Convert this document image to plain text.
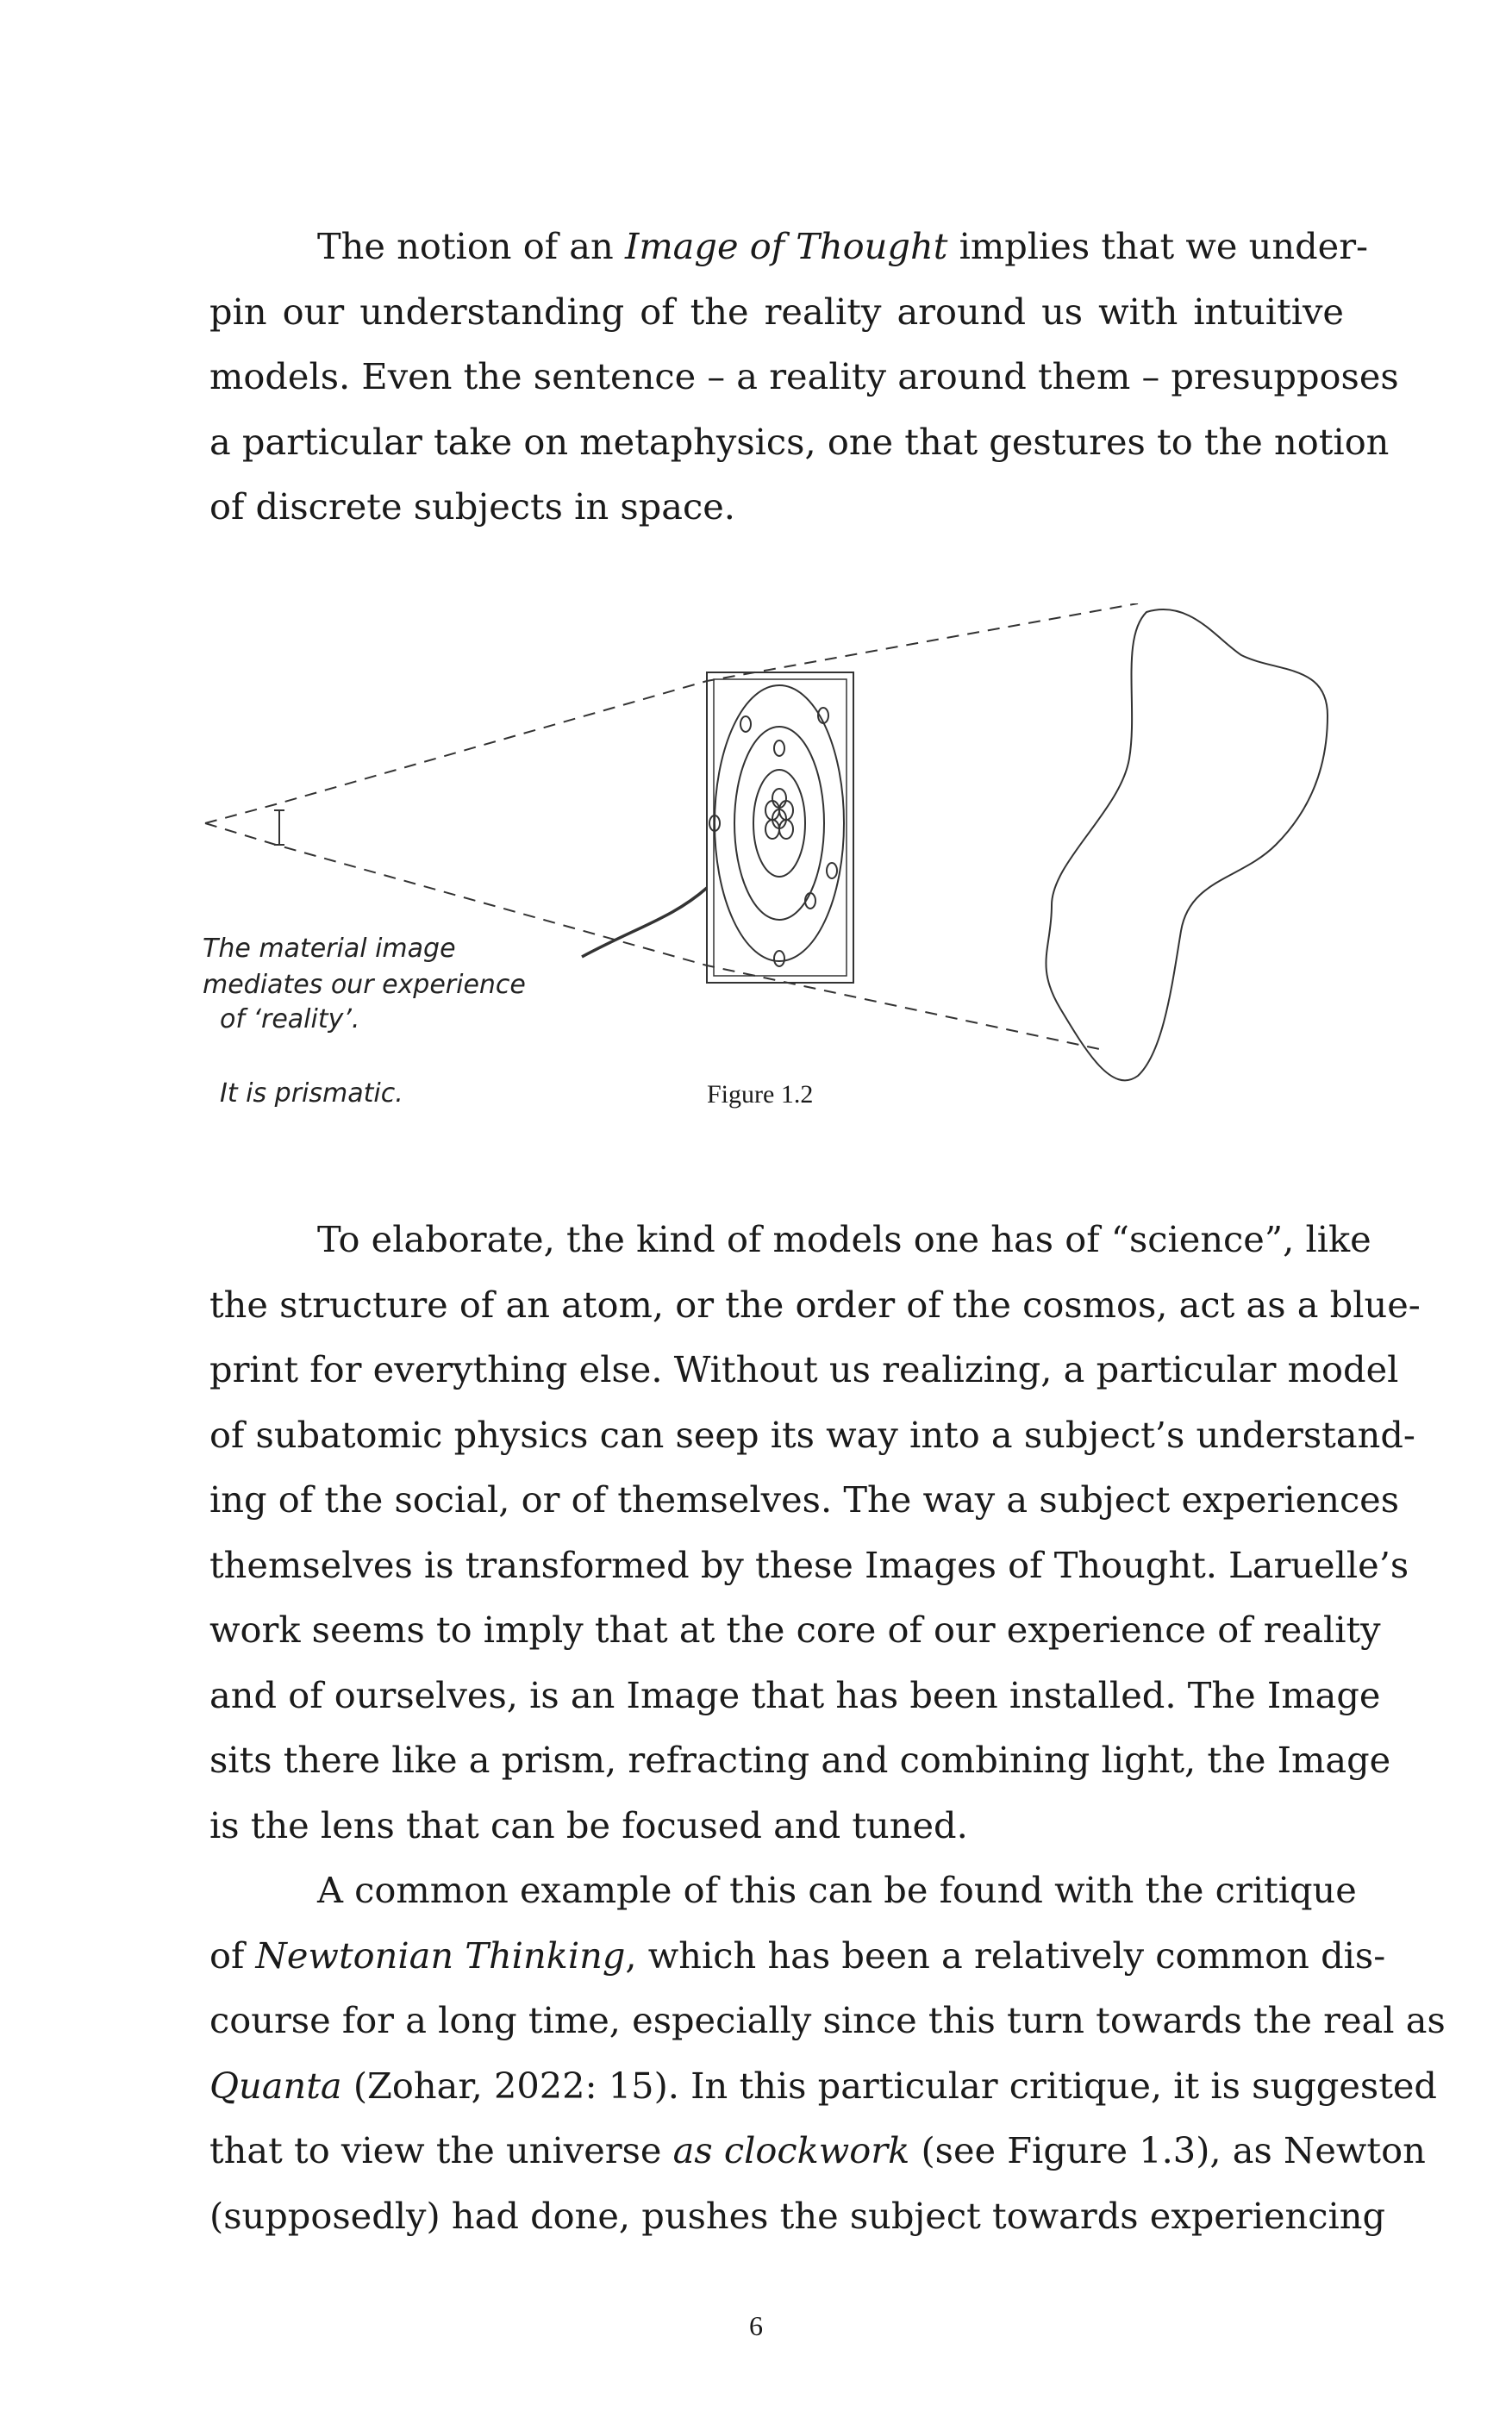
The notion of an Image of Thought implies that we under-

pin our understanding of the reality around us with intuitive
models. Even the sentence – a reality around them – presupposes
a particular take on metaphysics, one that gestures to the notion
of discrete subjects in space.
The material image
mediates our experience
of ‘reality’.
It is prismatic.	Figure 1.2

To elaborate, the kind of models one has of “science”, like

the structure of an atom, or the order of the cosmos, act as a blue-
print for everything else. Without us realizing, a particular model
of subatomic physics can seep its way into a subject’s understand-
ing of the social, or of themselves. The way a subject experiences
themselves is transformed by these Images of Thought. Laruelle’s
work seems to imply that at the core of our experience of reality
and of ourselves, is an Image that has been installed. The Image
sits there like a prism, refracting and combining light, the Image
is the lens that can be focused and tuned.

A common example of this can be found with the critique

of Newtonian Thinking, which has been a relatively common dis-
course for a long time, especially since this turn towards the real as
Quanta (Zohar, 2022: 15). In this particular critique, it is suggested
that to view the universe as clockwork (see Figure 1.3), as Newton
(supposedly) had done, pushes the subject towards experiencing
6
